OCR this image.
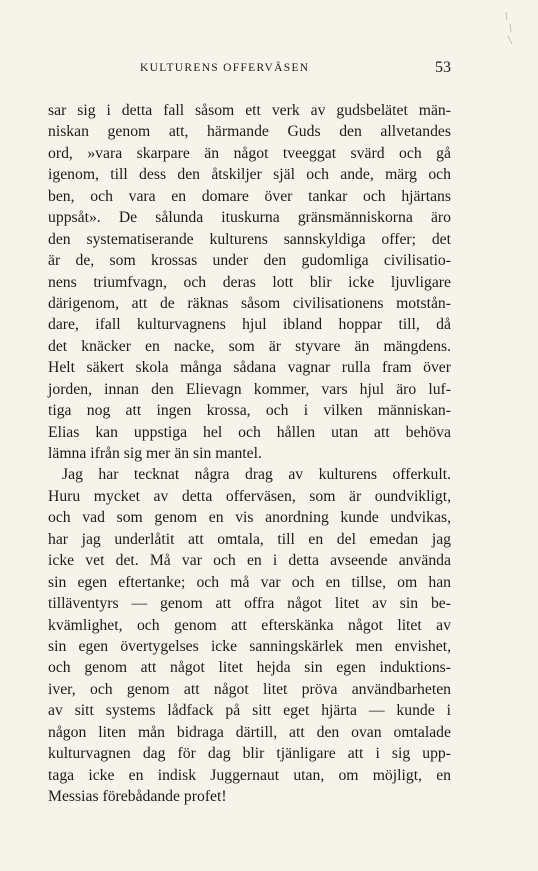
KULTURENS OFFERVÄSEN	53
sar sig i detta fall såsom ett verk av gudsbelätet män-
niskan genom att, härmande Guds den allvetandes
ord, »vara skarpare än något tveeggat svärd och gå
igenom, till dess den åtskiljer själ och ande, märg och
ben, och vara en domare över tankar och hjärtans
uppsåt». De sålunda ituskurna gränsmänniskorna äro
den systematiserande kulturens sannskyldiga offer; det
är de, som krossas under den gudomliga civilisatio-
nens triumfvagn, och deras lott blir icke ljuvligare
därigenom, att de räknas såsom civilisationens motstån-
dare, ifall kulturvagnens hjul ibland hoppar till, då
det knäcker en nacke, som är styvare än mängdens.
Helt säkert skola många sådana vagnar rulla fram över
jorden, innan den Elievagn kommer, vars hjul äro luf-
tiga nog att ingen krossa, och i vilken människan-
Elias kan uppstiga hel och hållen utan att behöva
lämna ifrån sig mer än sin mantel.
Jag har tecknat några drag av kulturens offerkult.
Huru mycket av detta offerväsen, som är oundvikligt,
och vad som genom en vis anordning kunde undvikas,
har jag underlåtit att omtala, till en del emedan jag
icke vet det. Må var och en i detta avseende använda
sin egen eftertanke; och må var och en tillse, om han
tilläventyrs — genom att offra något litet av sin be-
kvämlighet, och genom att efterskänka något litet av
sin egen övertygelses icke sanningskärlek men envishet,
och genom att något litet hejda sin egen induktions-
iver, och genom att något litet pröva användbarheten
av sitt systems lådfack på sitt eget hjärta — kunde i
någon liten mån bidraga därtill, att den ovan omtalade
kulturvagnen dag för dag blir tjänligare att i sig upp-
taga icke en indisk Juggernaut utan, om möjligt, en
Messias förebådande profet!
